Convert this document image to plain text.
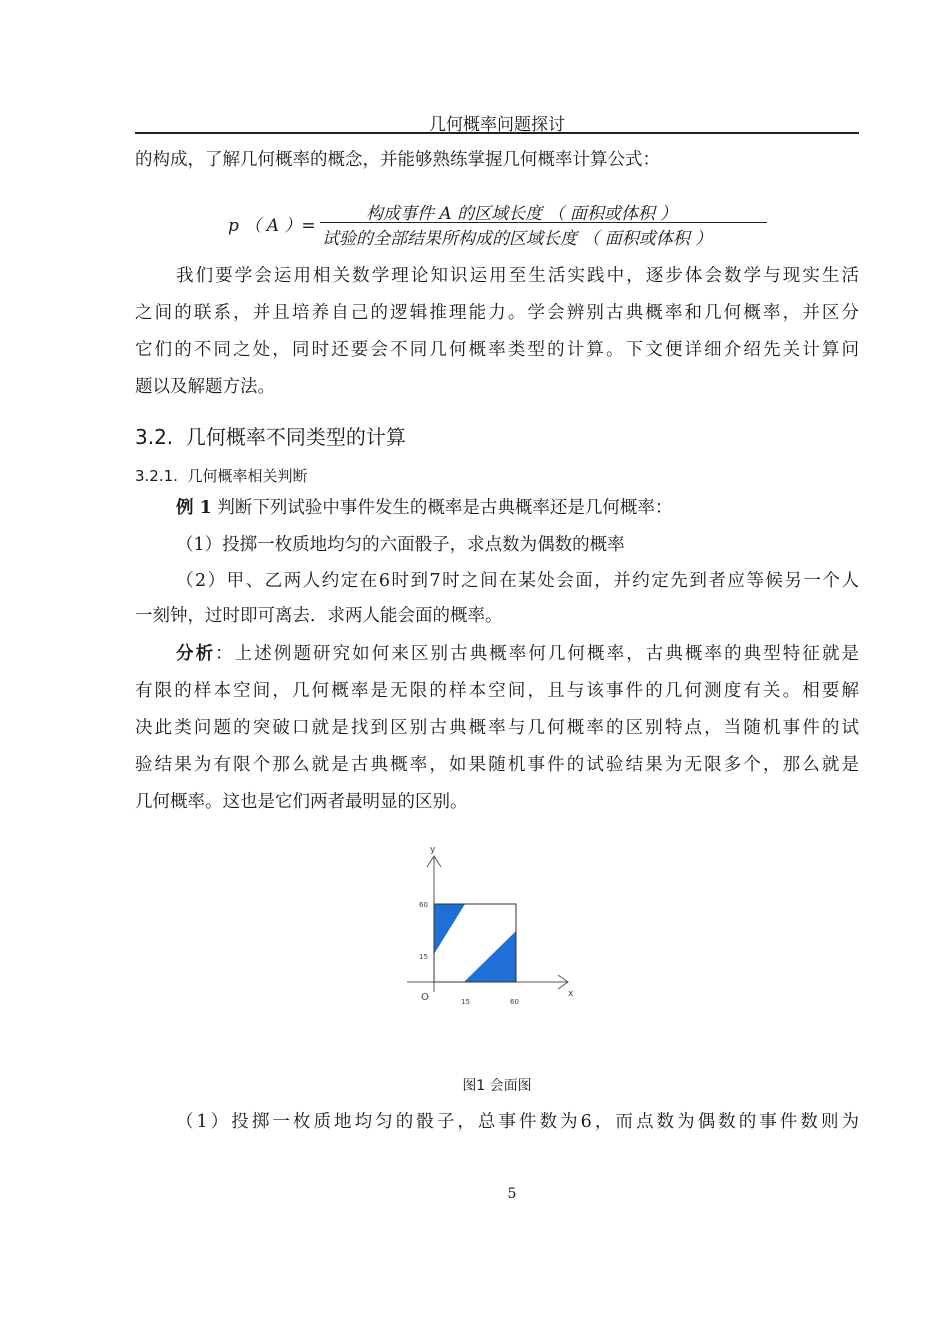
几何概率问题探讨
的构成，了解几何概率的概念，并能够熟练掌握几何概率计算公式：
p （ A ）=
构成事件 A 的区域长度 （ 面积或体积 ）
试验的全部结果所构成的区域长度 （ 面积或体积 ）
我们要学会运用相关数学理论知识运用至生活实践中，逐步体会数学与现实生活
之间的联系，并且培养自己的逻辑推理能力。学会辨别古典概率和几何概率，并区分
它们的不同之处，同时还要会不同几何概率类型的计算。下文便详细介绍先关计算问
题以及解题方法。
3.2. 几何概率不同类型的计算
3.2.1. 几何概率相关判断
例 1 判断下列试验中事件发生的概率是古典概率还是几何概率：
（1）投掷一枚质地均匀的六面骰子，求点数为偶数的概率
（2）甲、乙两人约定在6时到7时之间在某处会面，并约定先到者应等候另一个人
一刻钟，过时即可离去．求两人能会面的概率。
分析：上述例题研究如何来区别古典概率何几何概率，古典概率的典型特征就是
有限的样本空间，几何概率是无限的样本空间，且与该事件的几何测度有关。相要解
决此类问题的突破口就是找到区别古典概率与几何概率的区别特点，当随机事件的试
验结果为有限个那么就是古典概率，如果随机事件的试验结果为无限多个，那么就是
几何概率。这也是它们两者最明显的区别。
y
x
O	15	60
60
15
图1 会面图
（1）投掷一枚质地均匀的骰子，总事件数为6，而点数为偶数的事件数则为
5
